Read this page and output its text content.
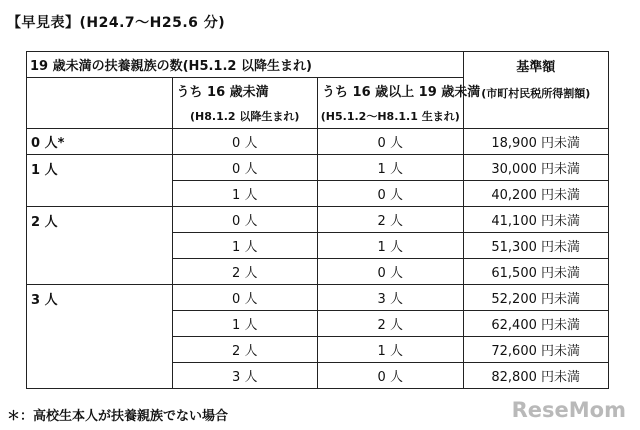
【早見表】(H24.7～H25.6 分)
19 歳未満の扶養親族の数(H5.1.2 以降生まれ)			基準額
(市町村民税所得割額)

	うち 16 歳未満	うち 16 歳以上 19 歳未満	
	(H8.1.2 以降生まれ)	(H5.1.2～H8.1.1 生まれ)	
0 人*	0 人	0 人	18,900 円未満
1 人	0 人	1 人	30,000 円未満
	1 人	0 人	40,200 円未満
2 人	0 人	2 人	41,100 円未満
	1 人	1 人	51,300 円未満
	2 人	0 人	61,500 円未満
3 人	0 人	3 人	52,200 円未満
	1 人	2 人	62,400 円未満
	2 人	1 人	72,600 円未満
	3 人	0 人	82,800 円未満
＊：高校生本人が扶養親族でない場合	ReseMom
